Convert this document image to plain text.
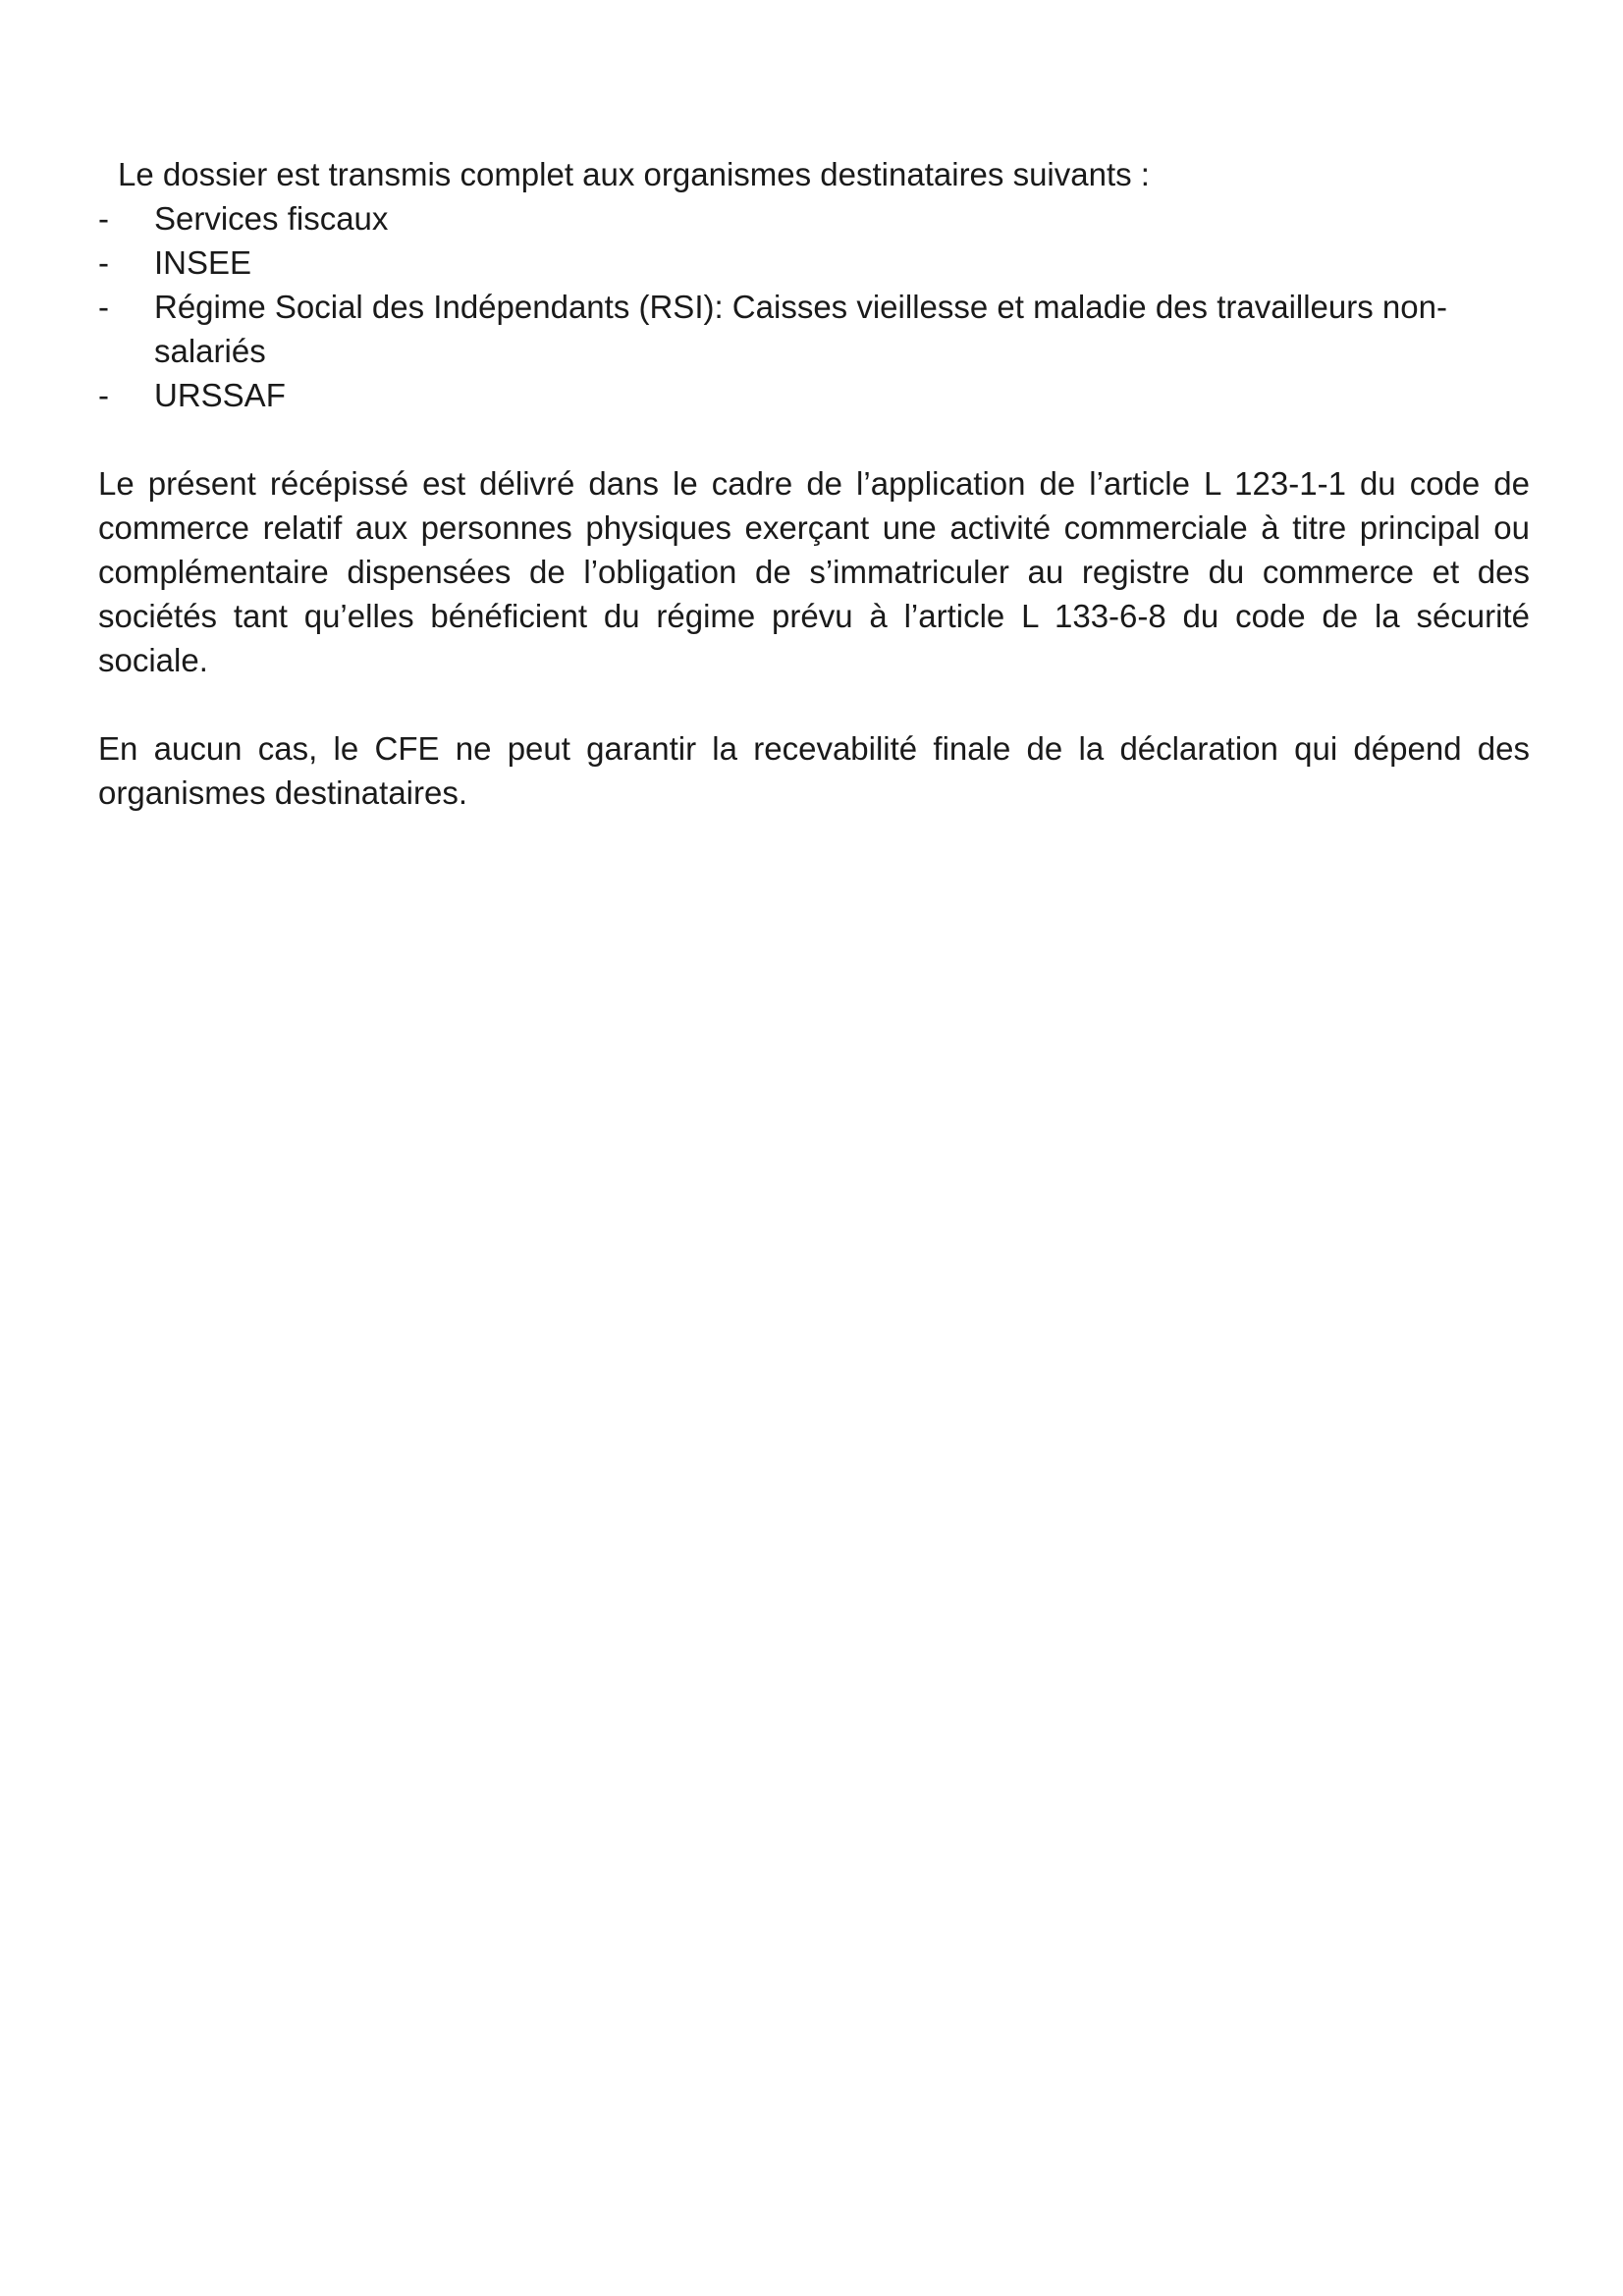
Le dossier est transmis complet aux organismes destinataires suivants :

- Services fiscaux
- INSEE
- Régime Social des Indépendants (RSI): Caisses vieillesse et maladie des travailleurs non-salariés
- URSSAF

Le présent récépissé est délivré dans le cadre de l’application de l’article L 123-1-1 du code de commerce relatif aux personnes physiques exerçant une activité commerciale à titre principal ou complémentaire dispensées de l’obligation de s’immatriculer au registre du commerce et des sociétés tant qu’elles bénéficient du régime prévu à l’article L 133-6-8 du code de la sécurité sociale.

En aucun cas, le CFE ne peut garantir la recevabilité finale de la déclaration qui dépend des organismes destinataires.
